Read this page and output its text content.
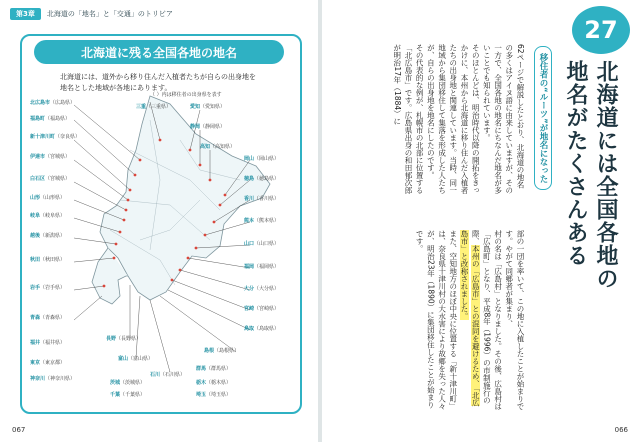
第3章	北海道の「地名」と「交通」のトリビア
北海道に残る全国各地の地名
北海道には、道外から移り住んだ入植者たちが自らの出身地を地名とした地域が各地にあります。
（ ）内は移住者の出身県を表す
北広島市（広島県）
福島町（福島県）
新十津川町（奈良県）
伊達市（宮城県）
白石区（宮城県）
山形（山形県）
岐阜（岐阜県）
越後（新潟県）
秋田（秋田県）
岩手（岩手県）
青森（青森県）
福井（福井県）
三重（三重県）	愛知（愛知県）
静岡（静岡県）
高知（高知県）
岡山（岡山県）
徳島（徳島県）
香川（香川県）
熊本（熊本県）
山口（山口県）
福岡（福岡県）
大分（大分県）
宮崎（宮崎県）
鳥取（鳥取県）
島根（島根県）
石川（石川県）
富山（富山県）
長野（長野県）
群馬（群馬県）
栃木（栃木県）
茨城（茨城県）
千葉（千葉県）	埼玉（埼玉県）
東京（東京都）
神奈川（神奈川県）
067	066
27
北海道には全国各地の
地名がたくさんある
移住者の“ルーツ”が地名になった
62ページで解説したとおり、北海道の地名の多くはアイヌ語に由来していますが、その一方で、全国各地の地名にちなんだ地名が多いことでも知られています。
そのほとんどは、明治時代以降の開拓をきっかけに、本州から北海道に移り住んだ入植者たちの出身地と関連しています。当時、同一地域から集団移住して集落を形成した人たちが、自らの出身地を地名にしたのです。
その代表的な例が、札幌市の北部に位置する「北広島市」です。広島県出身の和田郁次郎が明治17年（1884）に
部の一団を率いて、この地に入植したことが始まりです。やがて同郷者が集まり、
村の名は「広島村」となりました。その後、広島村は「広島町」となり、平成8年（1996）の市制施行の際、本州の「広島市」との混同を避けるため、「北広島市」と改称されました。
また、空知地方のほぼ中央に位置する「新十津川町」は、奈良県十津川村の大水害により故郷を失った人々が、明治23年（1890）に集団移住したことが始まりです。
